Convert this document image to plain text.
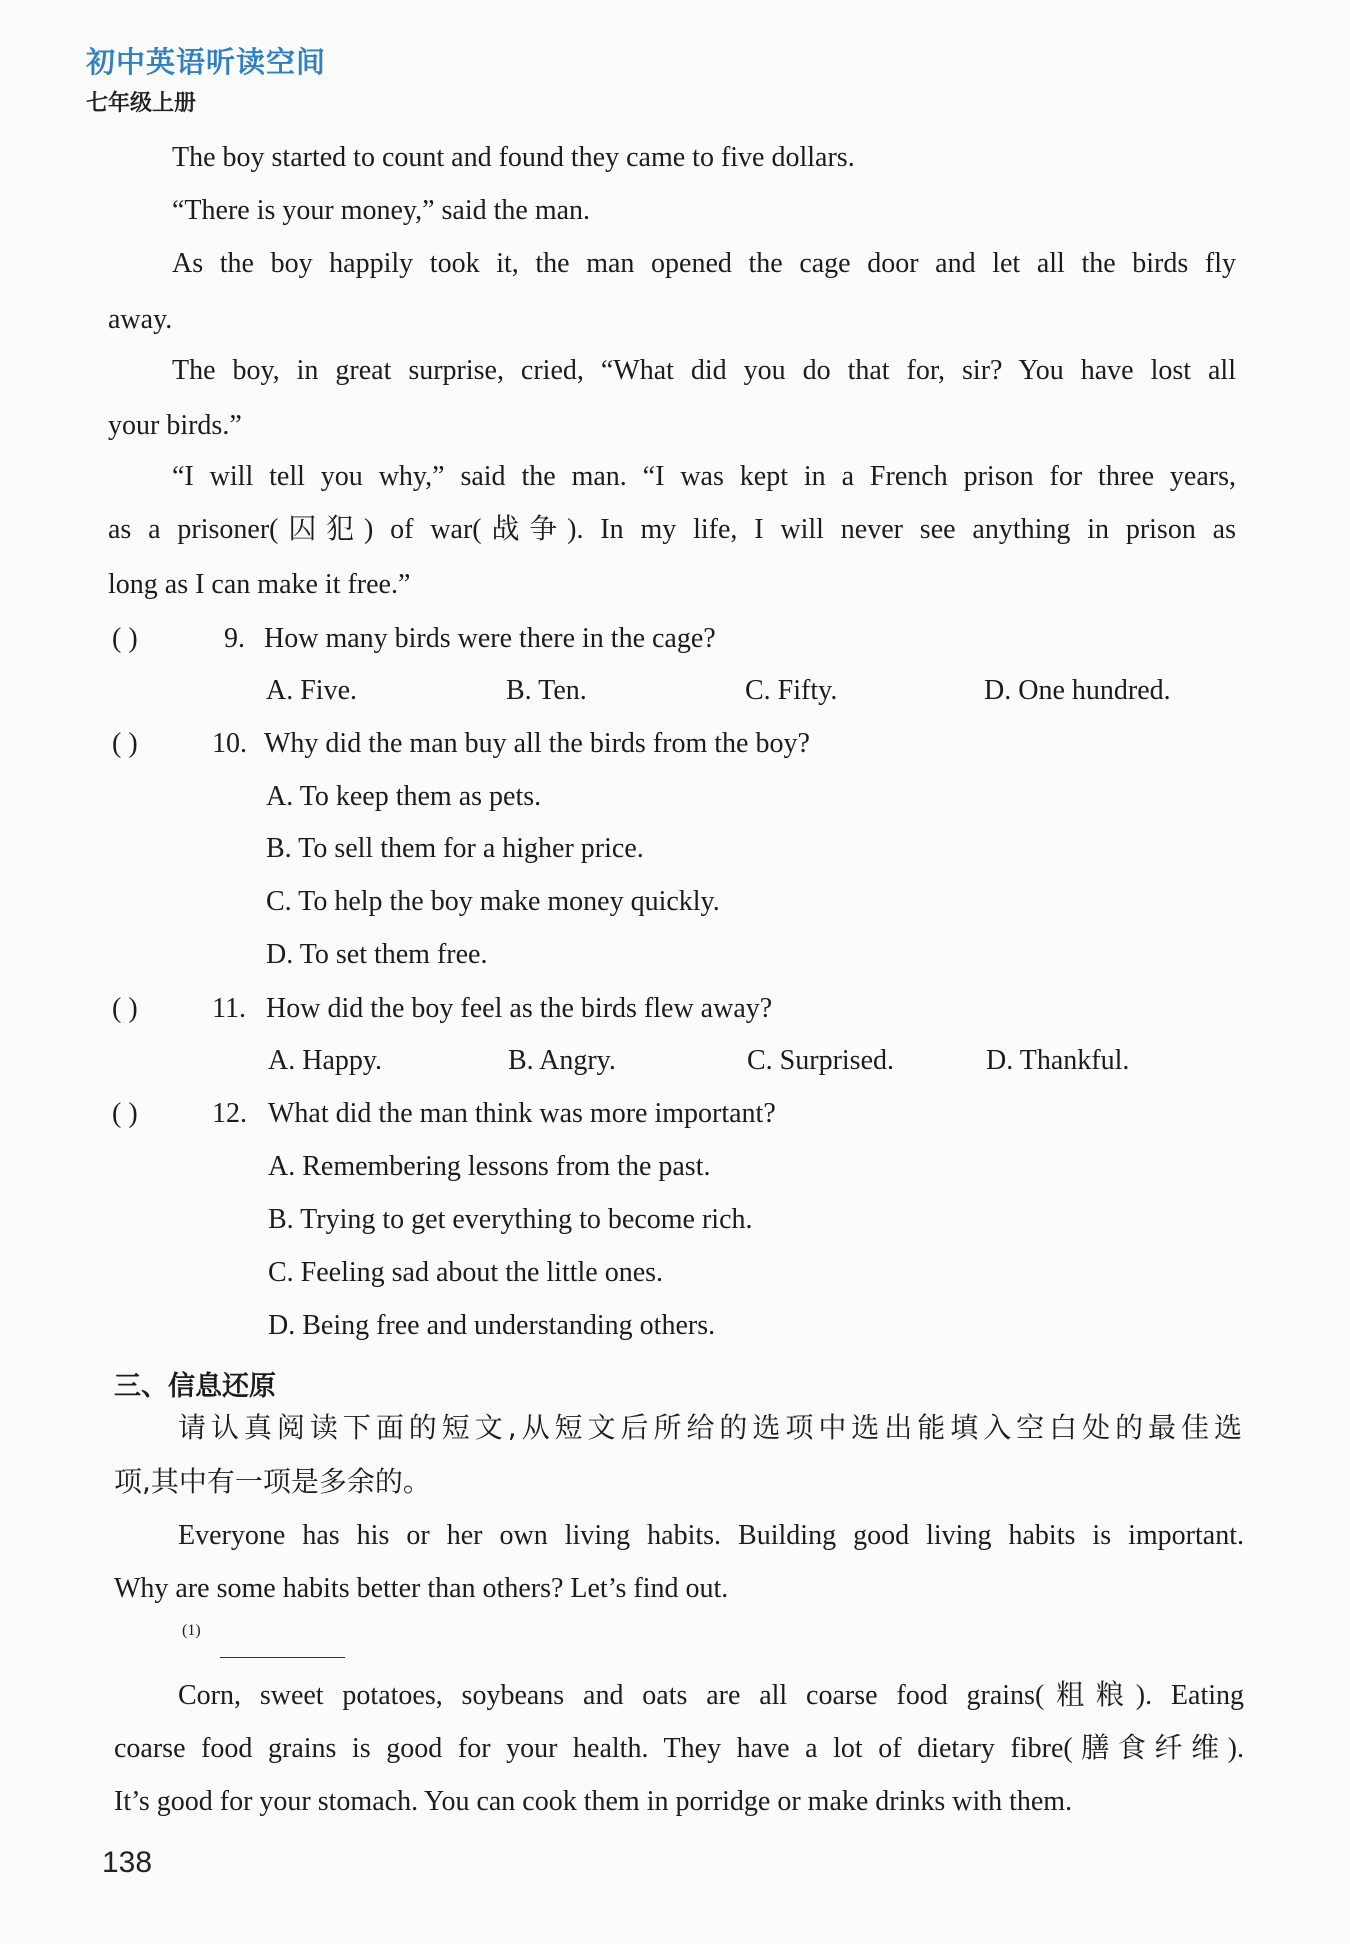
初中英语听读空间
七年级上册
The boy started to count and found they came to five dollars.
“There is your money,” said the man.
As the boy happily took it, the man opened the cage door and let all the birds fly
away.
The boy, in great surprise, cried, “What did you do that for, sir? You have lost all
your birds.”
“I will tell you why,” said the man. “I was kept in a French prison for three years,
as a prisoner(囚犯) of war(战争). In my life, I will never see anything in prison as
long as I can make it free.”
( )	9. How many birds were there in the cage?
A. Five.	B. Ten.	C. Fifty.	D. One hundred.
( )	10. Why did the man buy all the birds from the boy?
A. To keep them as pets.
B. To sell them for a higher price.
C. To help the boy make money quickly.
D. To set them free.
( )	11. How did the boy feel as the birds flew away?
A. Happy.	B. Angry.	C. Surprised.	D. Thankful.
( )	12. What did the man think was more important?
A. Remembering lessons from the past.
B. Trying to get everything to become rich.
C. Feeling sad about the little ones.
D. Being free and understanding others.
三、信息还原
请认真阅读下面的短文,从短文后所给的选项中选出能填入空白处的最佳选
项,其中有一项是多余的。
Everyone has his or her own living habits. Building good living habits is important.
Why are some habits better than others? Let’s find out.
(1)
Corn, sweet potatoes, soybeans and oats are all coarse food grains(粗粮). Eating
coarse food grains is good for your health. They have a lot of dietary fibre(膳食纤维).
It’s good for your stomach. You can cook them in porridge or make drinks with them.
138
